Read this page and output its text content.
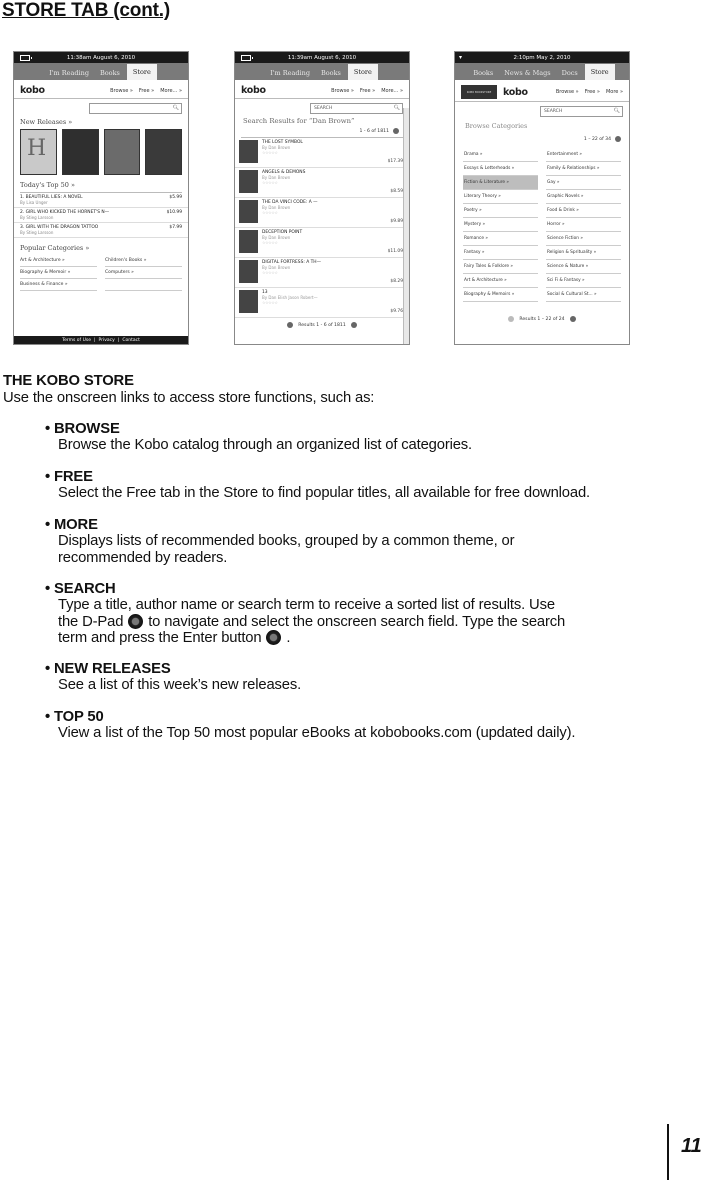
STORE TAB (cont.)
11:38am August 6, 2010
I'm Reading	Books	Store
kobo	Browse » Free » More... »
🔍︎
New Releases »
H
Today's Top 50 »
1. BEAUTIFUL LIES: A NOVEL	$5.99
By Lisa Unger
2. GIRL WHO KICKED THE HORNET'S N—	$10.99
By Stieg Larsson
3. GIRL WITH THE DRAGON TATTOO	$7.99
By Stieg Larsson
Popular Categories »
Art & Architecture »	Children's Books »
Biography & Memoir »	Computers »
Business & Finance »
Terms of Use | Privacy | Contact
11:39am August 6, 2010
I'm Reading	Books	Store
kobo	Browse » Free » More... »
SEARCH	🔍︎
Search Results for “Dan Brown”
1 - 6 of 1811
THE LOST SYMBOL
By Dan Brown
☆☆☆☆☆
$17.39
ANGELS & DEMONS
By Dan Brown
☆☆☆☆☆
$8.59
THE DA VINCI CODE: A —
By Dan Brown
☆☆☆☆☆
$9.89
DECEPTION POINT
By Dan Brown
☆☆☆☆☆
$11.09
DIGITAL FORTRESS: A TH—
By Dan Brown
☆☆☆☆☆
$8.29
13
By Dan Elish Jason Robert—
☆☆☆☆☆
$9.76
Results 1 - 6 of 1811
▾	2:10pm May 2, 2010
Books	News & Mags	Docs	Store
KOBO BOOKSTORE	kobo	Browse » Free » More »
SEARCH	🔍︎
Browse Categories
1 – 22 of 34
Drama »	Entertainment »
Essays & Letterheads »	Family & Relationships »
Fiction & Literature »	Gay »
Literary Theory »	Graphic Novels »
Poetry »	Food & Drink »
Mystery »	Horror »
Romance »	Science Fiction »
Fantasy »	Religion & Sprituality »
Fairy Tales & Folklore »	Science & Nature »
Art & Architecture »	Sci Fi & Fantasy »
Biography & Memoirs »	Social & Cultural St... »
Results 1 – 22 of 24
THE KOBO STORE
Use the onscreen links to access store functions, such as:
• BROWSE
Browse the Kobo catalog through an organized list of categories.
• FREE
Select the Free tab in the Store to find popular titles, all available for free download.
• MORE
Displays lists of recommended books, grouped by a common theme, or
recommended by readers.
• SEARCH
Type a title, author name or search term to receive a sorted list of results. Use
the D-Pad to navigate and select the onscreen search field. Type the search
term and press the Enter button .
• NEW RELEASES
See a list of this week’s new releases.
• TOP 50
View a list of the Top 50 most popular eBooks at kobobooks.com (updated daily).
11
